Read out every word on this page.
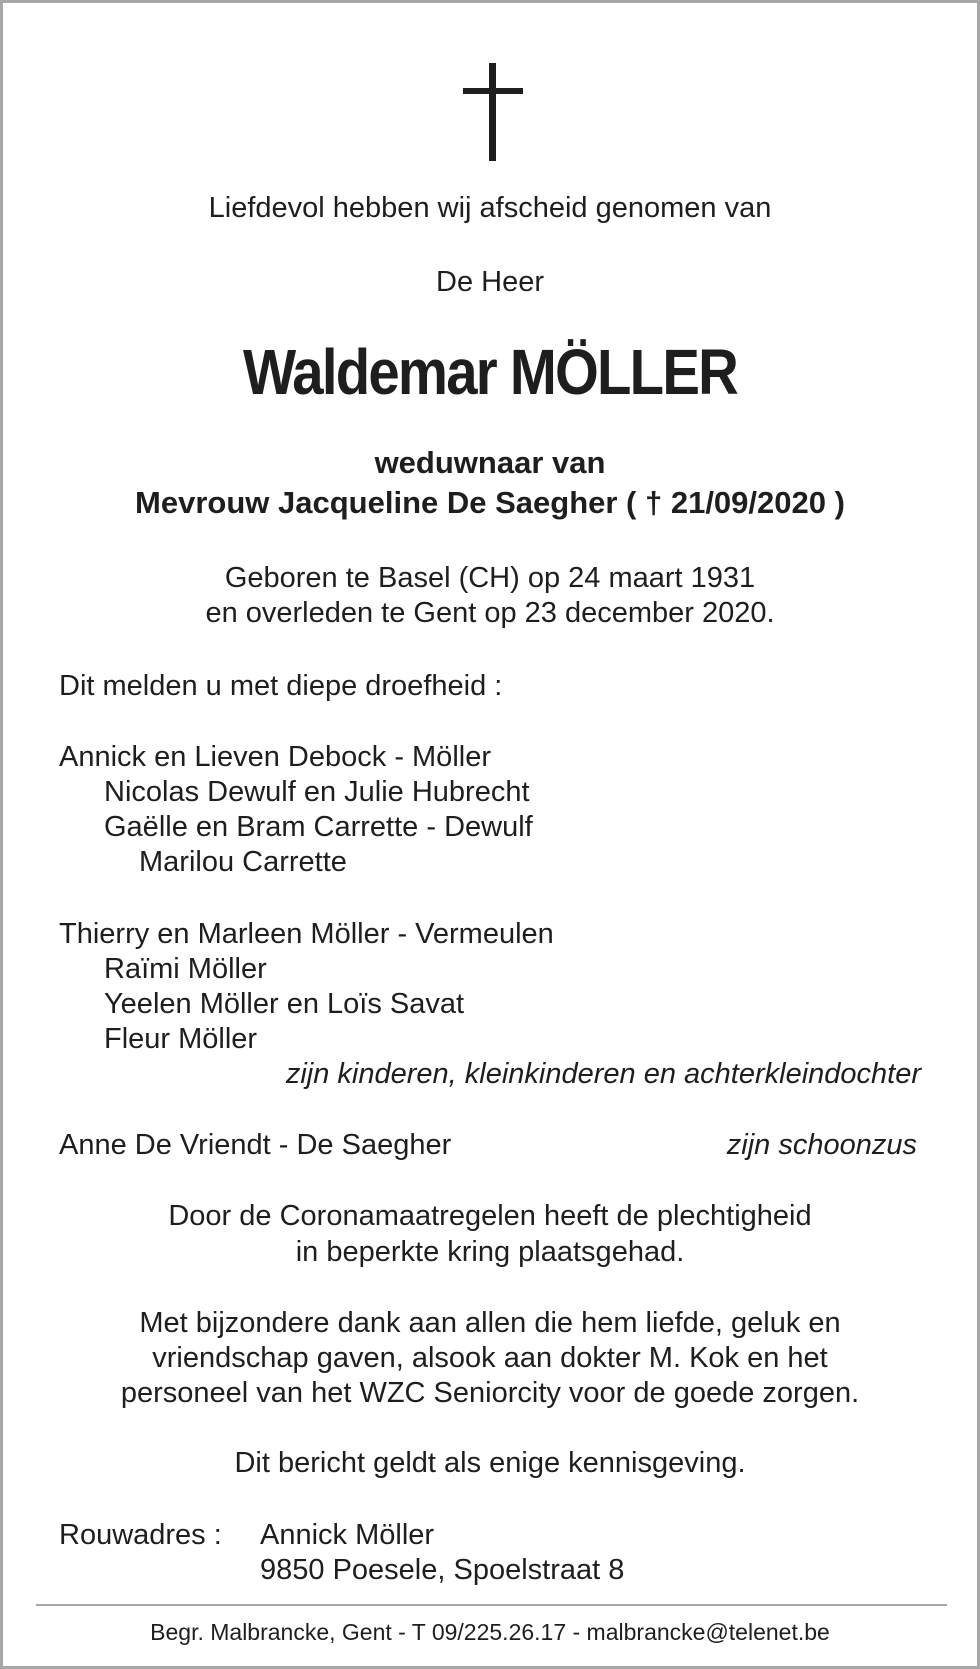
Liefdevol hebben wij afscheid genomen van
De Heer
Waldemar MÖLLER
weduwnaar van
Mevrouw Jacqueline De Saegher ( † 21/09/2020 )
Geboren te Basel (CH) op 24 maart 1931
en overleden te Gent op 23 december 2020.
Dit melden u met diepe droefheid :
Annick en Lieven Debock - Möller
Nicolas Dewulf en Julie Hubrecht
Gaëlle en Bram Carrette - Dewulf
Marilou Carrette
Thierry en Marleen Möller - Vermeulen
Raïmi Möller
Yeelen Möller en Loïs Savat
Fleur Möller
zijn kinderen, kleinkinderen en achterkleindochter
Anne De Vriendt - De Saegher	zijn schoonzus
Door de Coronamaatregelen heeft de plechtigheid
in beperkte kring plaatsgehad.
Met bijzondere dank aan allen die hem liefde, geluk en
vriendschap gaven, alsook aan dokter M. Kok en het
personeel van het WZC Seniorcity voor de goede zorgen.
Dit bericht geldt als enige kennisgeving.
Rouwadres : Annick Möller
9850 Poesele, Spoelstraat 8
Begr. Malbrancke, Gent - T 09/225.26.17 - malbrancke@telenet.be
